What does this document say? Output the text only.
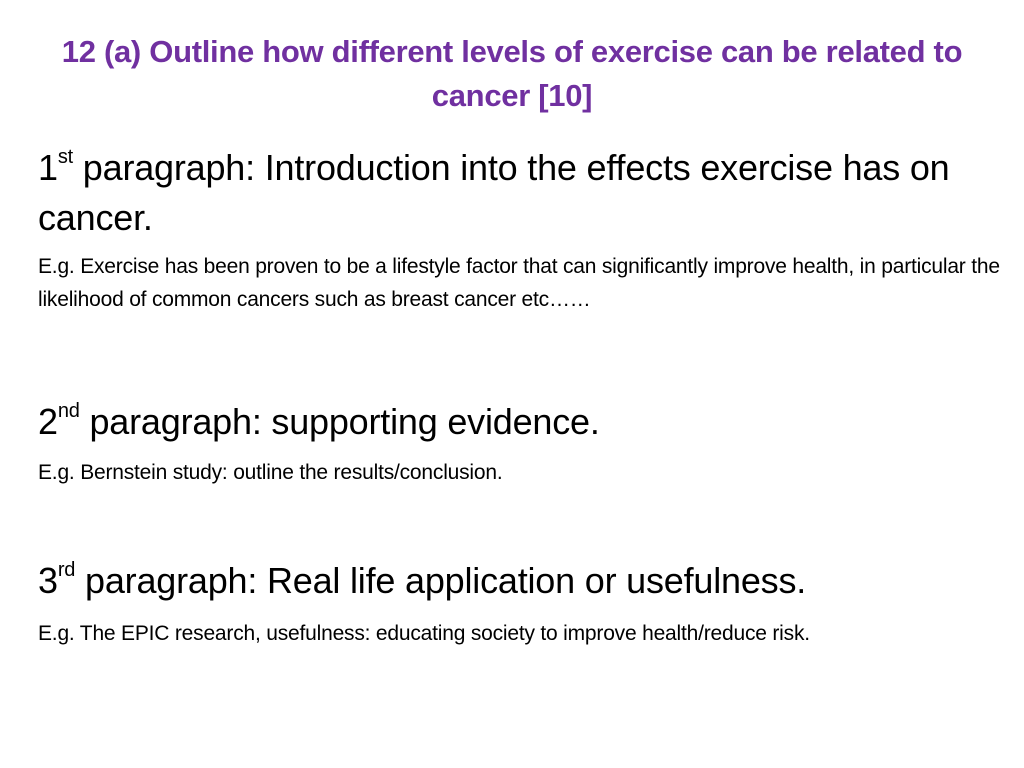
12 (a) Outline how different levels of exercise can be related to cancer [10]
1st paragraph: Introduction into the effects exercise has on cancer.
E.g. Exercise has been proven to be a lifestyle factor that can significantly improve health, in particular the likelihood of common cancers such as breast cancer etc……
2nd paragraph: supporting evidence.
E.g. Bernstein study: outline the results/conclusion.
3rd paragraph: Real life application or usefulness.
E.g. The EPIC research, usefulness: educating society to improve health/reduce risk.
